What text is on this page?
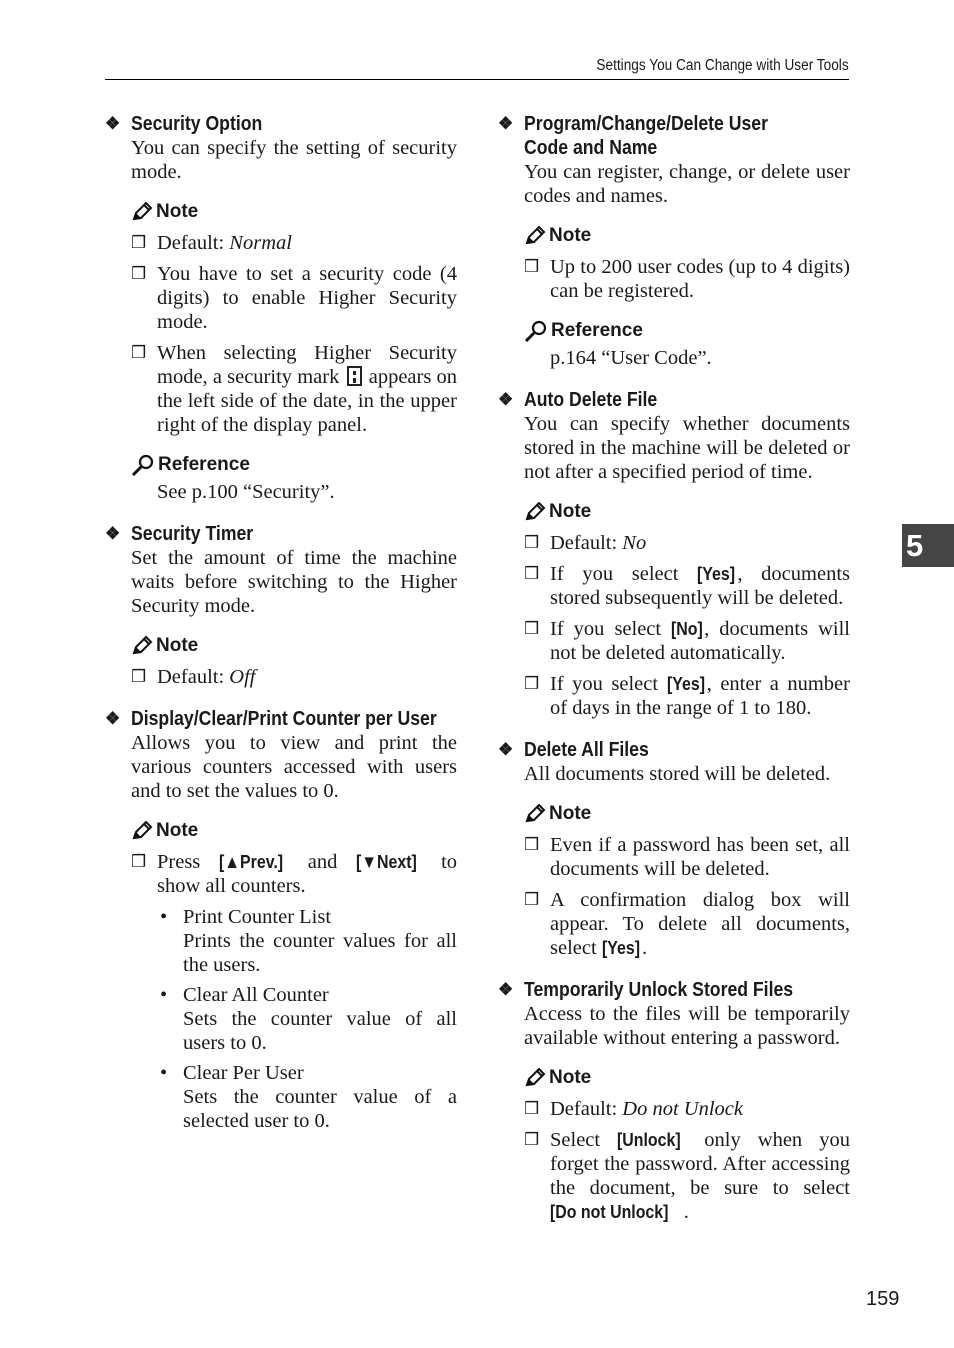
Settings You Can Change with User Tools
5
159
❖ Security Option
You can specify the setting of security mode.
Note
❒ Default: Normal
❒ You have to set a security code (4 digits) to enable Higher Security mode.
❒ When selecting Higher Security mode, a security mark appears on the left side of the date, in the upper right of the display panel.
Reference
See p.100 “Security”.
❖ Security Timer
Set the amount of time the machine waits before switching to the Higher Security mode.
Note
❒ Default: Off
❖ Display/Clear/Print Counter per User
Allows you to view and print the various counters accessed with users and to set the values to 0.
Note
❒ Press [▲Prev.] and [▼Next] to show all counters.
• Print Counter List
Prints the counter values for all the users.
• Clear All Counter
Sets the counter value of all users to 0.
• Clear Per User
Sets the counter value of a selected user to 0.
❖ Program/Change/Delete User Code and Name
You can register, change, or delete user codes and names.
Note
❒ Up to 200 user codes (up to 4 digits) can be registered.
Reference
p.164 “User Code”.
❖ Auto Delete File
You can specify whether documents stored in the machine will be deleted or not after a specified period of time.
Note
❒ Default: No
❒ If you select [Yes] , documents stored subsequently will be deleted.
❒ If you select [No], documents will not be deleted automatically.
❒ If you select [Yes] , enter a number of days in the range of 1 to 180.
❖ Delete All Files
All documents stored will be deleted.
Note
❒ Even if a password has been set, all documents will be deleted.
❒ A confirmation dialog box will appear. To delete all documents, select [Yes] .
❖ Temporarily Unlock Stored Files
Access to the files will be temporarily available without entering a password.
Note
❒ Default: Do not Unlock
❒ Select [Unlock] only when you forget the password. After accessing the document, be sure to select [Do not Unlock] .
